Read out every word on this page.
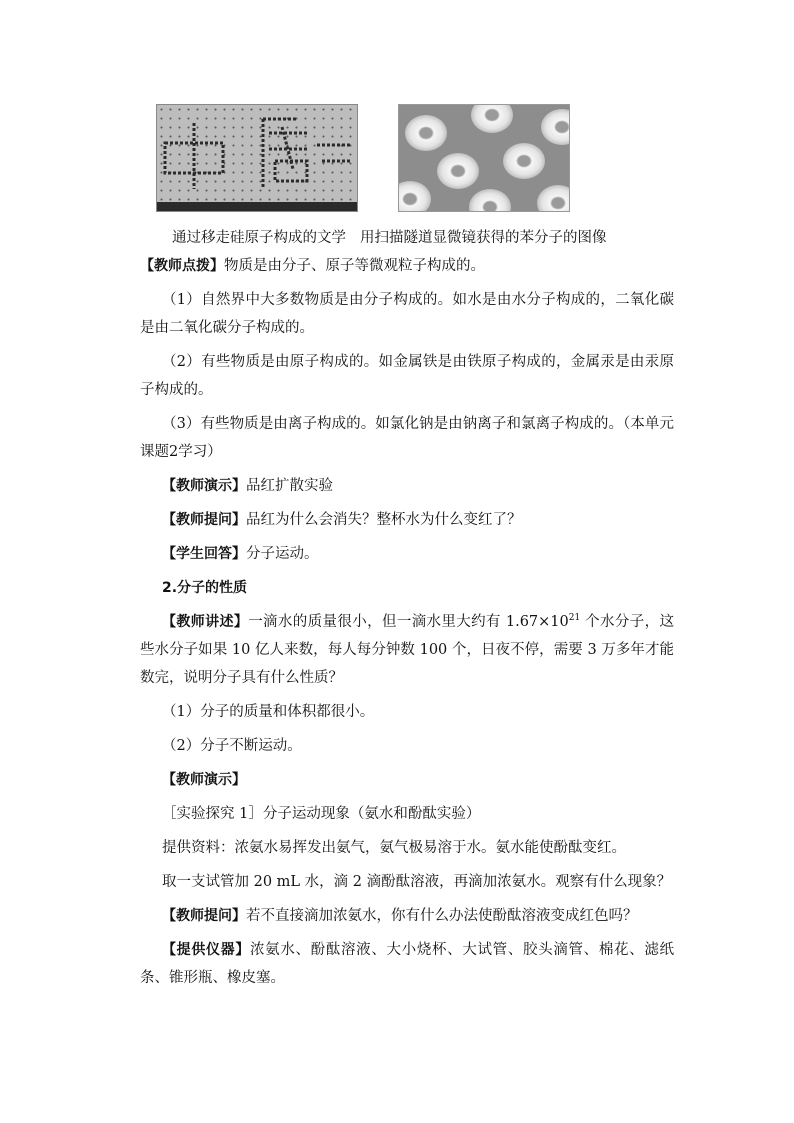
通过移走硅原子构成的文学 用扫描隧道显微镜获得的苯分子的图像

【教师点拨】物质是由分子、原子等微观粒子构成的。

（1）自然界中大多数物质是由分子构成的。如水是由水分子构成的，二氧化碳是由二氧化碳分子构成的。

（2）有些物质是由原子构成的。如金属铁是由铁原子构成的，金属汞是由汞原子构成的。

（3）有些物质是由离子构成的。如氯化钠是由钠离子和氯离子构成的。（本单元课题2学习）

【教师演示】品红扩散实验

【教师提问】品红为什么会消失？整杯水为什么变红了？

【学生回答】分子运动。

2.分子的性质

【教师讲述】一滴水的质量很小，但一滴水里大约有 $1.67\times 10^{21}$ 个水分子，这些水分子如果 10 亿人来数，每人每分钟数 100 个，日夜不停，需要 3 万多年才能数完，说明分子具有什么性质？

（1）分子的质量和体积都很小。

（2）分子不断运动。

【教师演示】

［实验探究 1］分子运动现象（氨水和酚酞实验）

提供资料：浓氨水易挥发出氨气，氨气极易溶于水。氨水能使酚酞变红。

取一支试管加 20 mL 水，滴 2 滴酚酞溶液，再滴加浓氨水。观察有什么现象？

【教师提问】若不直接滴加浓氨水，你有什么办法使酚酞溶液变成红色吗？

【提供仪器】浓氨水、酚酞溶液、大小烧杯、大试管、胶头滴管、棉花、滤纸条、锥形瓶、橡皮塞。
